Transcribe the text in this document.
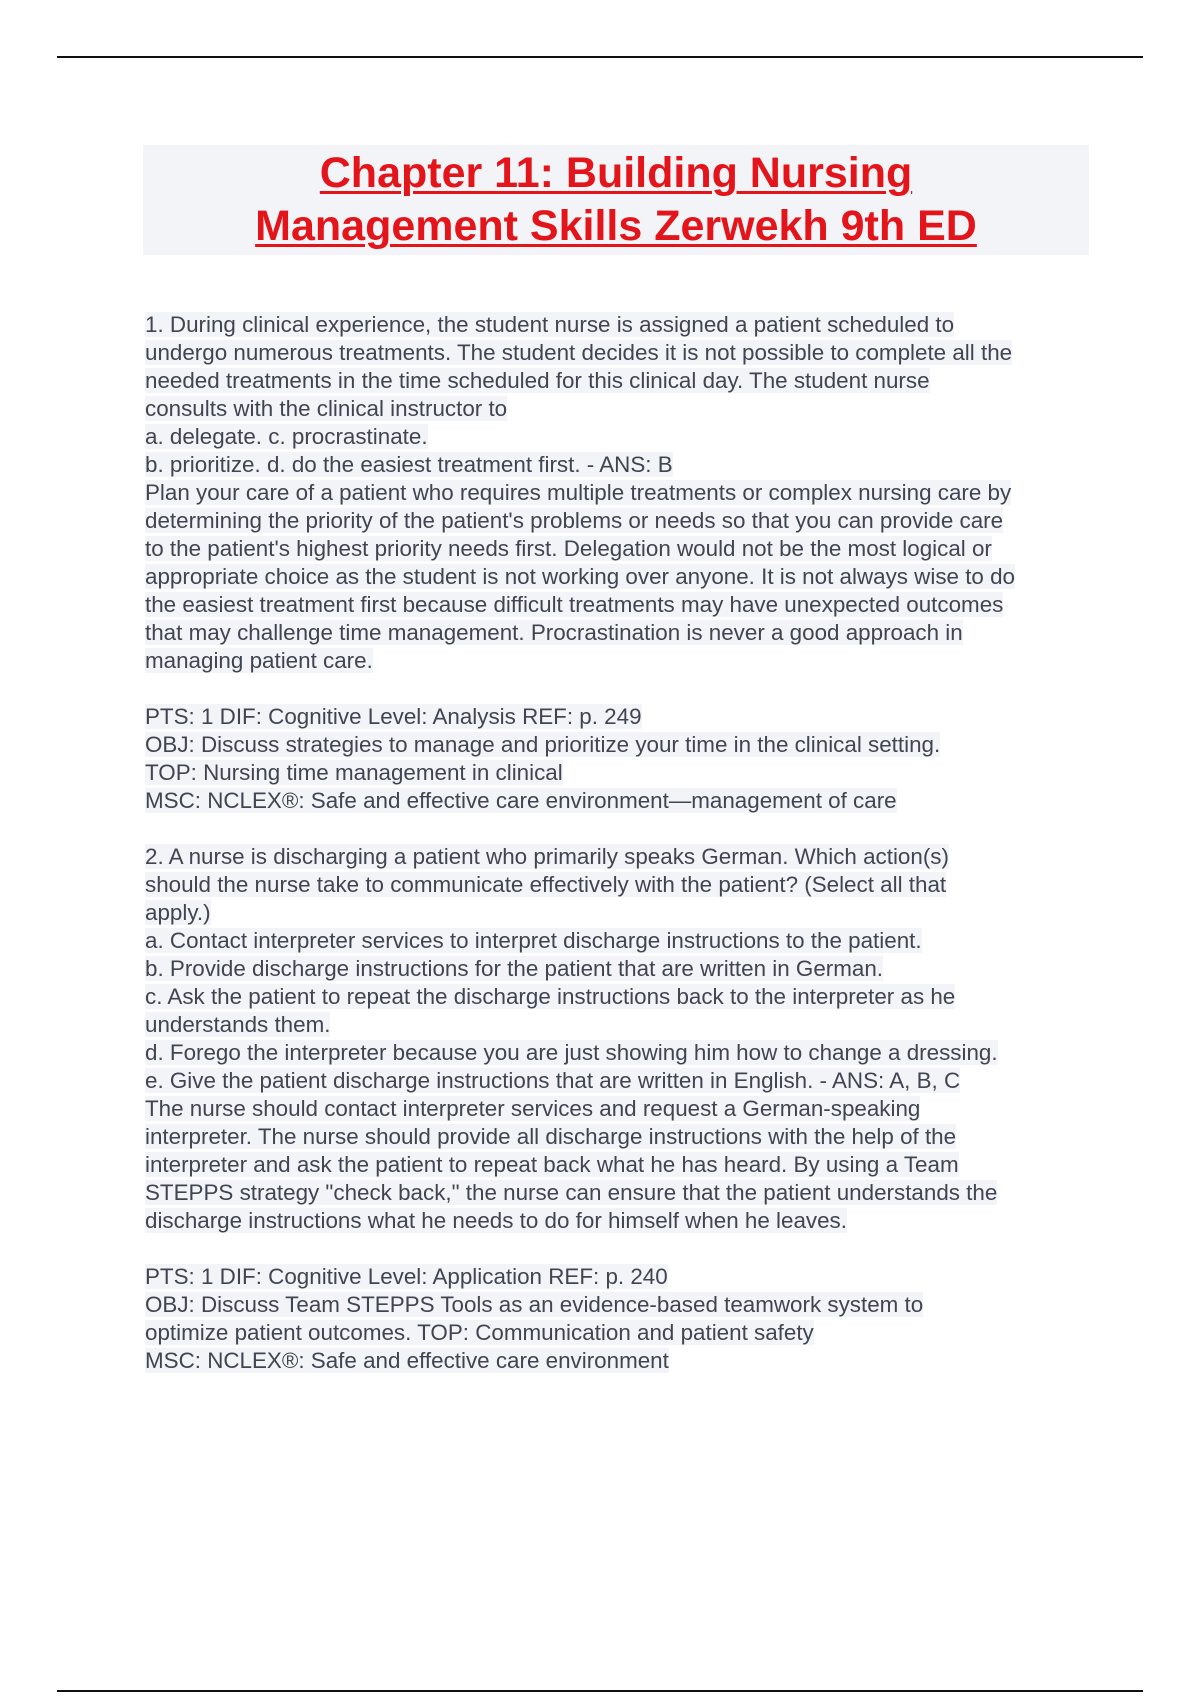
Chapter 11: Building Nursing
Management Skills Zerwekh 9th ED
1. During clinical experience, the student nurse is assigned a patient scheduled to
undergo numerous treatments. The student decides it is not possible to complete all the
needed treatments in the time scheduled for this clinical day. The student nurse
consults with the clinical instructor to
a. delegate. c. procrastinate.
b. prioritize. d. do the easiest treatment first. - ANS: B
Plan your care of a patient who requires multiple treatments or complex nursing care by
determining the priority of the patient's problems or needs so that you can provide care
to the patient's highest priority needs first. Delegation would not be the most logical or
appropriate choice as the student is not working over anyone. It is not always wise to do
the easiest treatment first because difficult treatments may have unexpected outcomes
that may challenge time management. Procrastination is never a good approach in
managing patient care.
PTS: 1 DIF: Cognitive Level: Analysis REF: p. 249
OBJ: Discuss strategies to manage and prioritize your time in the clinical setting.
TOP: Nursing time management in clinical
MSC: NCLEX®: Safe and effective care environment—management of care
2. A nurse is discharging a patient who primarily speaks German. Which action(s)
should the nurse take to communicate effectively with the patient? (Select all that
apply.)
a. Contact interpreter services to interpret discharge instructions to the patient.
b. Provide discharge instructions for the patient that are written in German.
c. Ask the patient to repeat the discharge instructions back to the interpreter as he
understands them.
d. Forego the interpreter because you are just showing him how to change a dressing.
e. Give the patient discharge instructions that are written in English. - ANS: A, B, C
The nurse should contact interpreter services and request a German-speaking
interpreter. The nurse should provide all discharge instructions with the help of the
interpreter and ask the patient to repeat back what he has heard. By using a Team
STEPPS strategy "check back," the nurse can ensure that the patient understands the
discharge instructions what he needs to do for himself when he leaves.
PTS: 1 DIF: Cognitive Level: Application REF: p. 240
OBJ: Discuss Team STEPPS Tools as an evidence-based teamwork system to
optimize patient outcomes. TOP: Communication and patient safety
MSC: NCLEX®: Safe and effective care environment
